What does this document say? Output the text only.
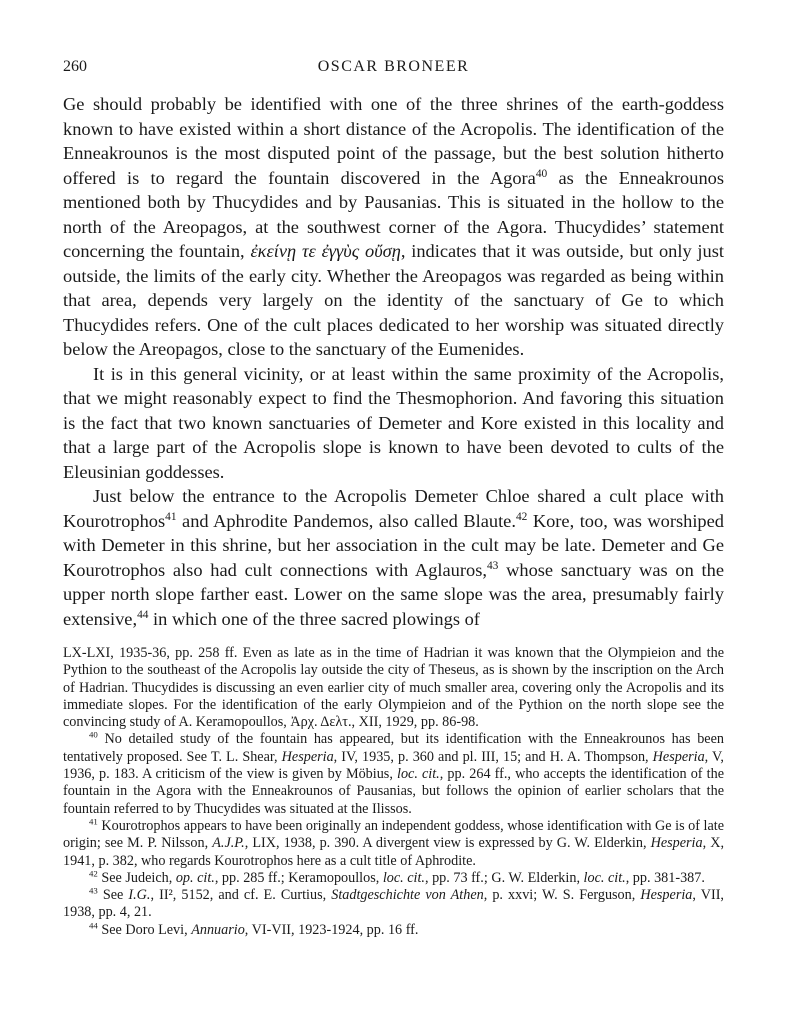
260	OSCAR BRONEER

Ge should probably be identified with one of the three shrines of the earth-goddess known to have existed within a short distance of the Acropolis. The identification of the Enneakrounos is the most disputed point of the passage, but the best solution hitherto offered is to regard the fountain discovered in the Agora$^{40}$ as the Enneakrounos mentioned both by Thucydides and by Pausanias. This is situated in the hollow to the north of the Areopagos, at the southwest corner of the Agora. Thucydides’ statement concerning the fountain, ἐκείνῃ τε ἐγγὺς οὔσῃ, indicates that it was outside, but only just outside, the limits of the early city. Whether the Areopagos was regarded as being within that area, depends very largely on the identity of the sanctuary of Ge to which Thucydides refers. One of the cult places dedicated to her worship was situated directly below the Areopagos, close to the sanctuary of the Eumenides.

It is in this general vicinity, or at least within the same proximity of the Acropolis, that we might reasonably expect to find the Thesmophorion. And favoring this situation is the fact that two known sanctuaries of Demeter and Kore existed in this locality and that a large part of the Acropolis slope is known to have been devoted to cults of the Eleusinian goddesses.

Just below the entrance to the Acropolis Demeter Chloe shared a cult place with Kourotrophos$^{41}$ and Aphrodite Pandemos, also called Blaute.$^{42}$ Kore, too, was worshiped with Demeter in this shrine, but her association in the cult may be late. Demeter and Ge Kourotrophos also had cult connections with Aglauros,$^{43}$ whose sanctuary was on the upper north slope farther east. Lower on the same slope was the area, presumably fairly extensive,$^{44}$ in which one of the three sacred plowings of

LX-LXI, 1935-36, pp. 258 ff. Even as late as in the time of Hadrian it was known that the Olympieion and the Pythion to the southeast of the Acropolis lay outside the city of Theseus, as is shown by the inscription on the Arch of Hadrian. Thucydides is discussing an even earlier city of much smaller area, covering only the Acropolis and its immediate slopes. For the identification of the early Olympieion and of the Pythion on the north slope see the convincing study of A. Keramopoullos, Ἀρχ. Δελτ., XII, 1929, pp. 86-98.

$^{40}$ No detailed study of the fountain has appeared, but its identification with the Enneakrounos has been tentatively proposed. See T. L. Shear, Hesperia, IV, 1935, p. 360 and pl. III, 15; and H. A. Thompson, Hesperia, V, 1936, p. 183. A criticism of the view is given by Möbius, loc. cit., pp. 264 ff., who accepts the identification of the fountain in the Agora with the Enneakrounos of Pausanias, but follows the opinion of earlier scholars that the fountain referred to by Thucydides was situated at the Ilissos.

$^{41}$ Kourotrophos appears to have been originally an independent goddess, whose identification with Ge is of late origin; see M. P. Nilsson, A.J.P., LIX, 1938, p. 390. A divergent view is expressed by G. W. Elderkin, Hesperia, X, 1941, p. 382, who regards Kourotrophos here as a cult title of Aphrodite.

$^{42}$ See Judeich, op. cit., pp. 285 ff.; Keramopoullos, loc. cit., pp. 73 ff.; G. W. Elderkin, loc. cit., pp. 381-387.

$^{43}$ See I.G., II², 5152, and cf. E. Curtius, Stadtgeschichte von Athen, p. xxvi; W. S. Ferguson, Hesperia, VII, 1938, pp. 4, 21.

$^{44}$ See Doro Levi, Annuario, VI-VII, 1923-1924, pp. 16 ff.
